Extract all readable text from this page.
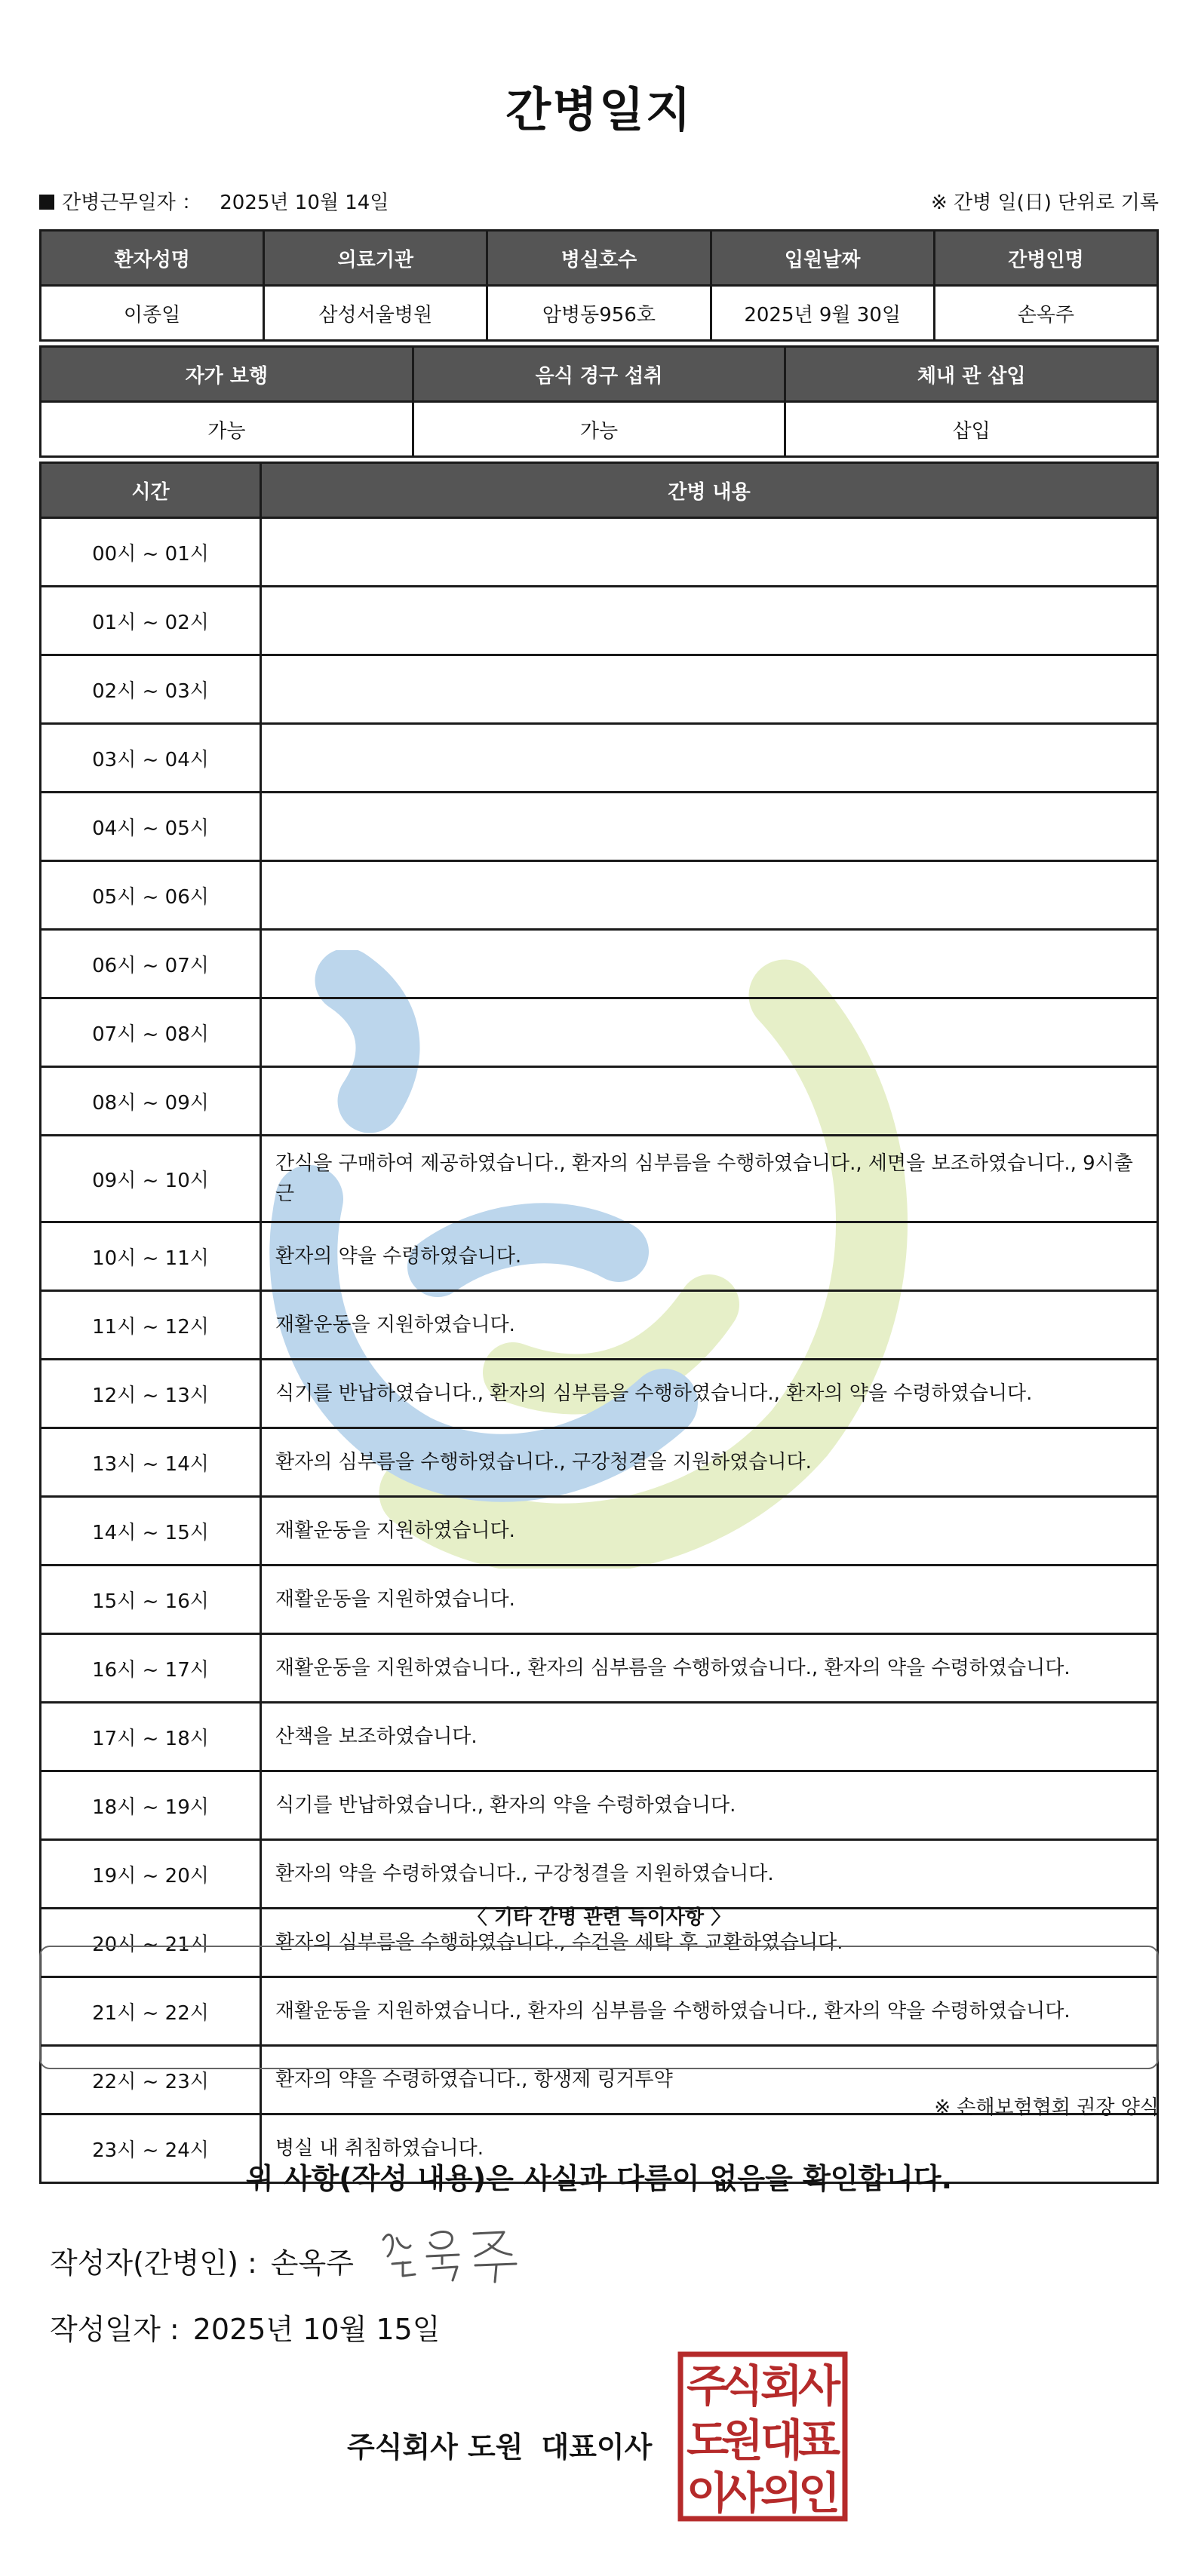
간병일지
간병근무일자 ： 2025년 10월 14일	※ 간병 일(日) 단위로 기록
환자성명	의료기관	병실호수	입원날짜	간병인명
이종일	삼성서울병원	암병동956호	2025년 9월 30일	손옥주
자가 보행	음식 경구 섭취	체내 관 삽입
가능	가능	삽입
시간	간병 내용
00시 ~ 01시	
01시 ~ 02시	
02시 ~ 03시	
03시 ~ 04시	
04시 ~ 05시	
05시 ~ 06시	
06시 ~ 07시	
07시 ~ 08시	
08시 ~ 09시	
09시 ~ 10시	간식을 구매하여 제공하였습니다., 환자의 심부름을 수행하였습니다., 세면을 보조하였습니다., 9시출근
10시 ~ 11시	환자의 약을 수령하였습니다.
11시 ~ 12시	재활운동을 지원하였습니다.
12시 ~ 13시	식기를 반납하였습니다., 환자의 심부름을 수행하였습니다., 환자의 약을 수령하였습니다.
13시 ~ 14시	환자의 심부름을 수행하였습니다., 구강청결을 지원하였습니다.
14시 ~ 15시	재활운동을 지원하였습니다.
15시 ~ 16시	재활운동을 지원하였습니다.
16시 ~ 17시	재활운동을 지원하였습니다., 환자의 심부름을 수행하였습니다., 환자의 약을 수령하였습니다.
17시 ~ 18시	산책을 보조하였습니다.
18시 ~ 19시	식기를 반납하였습니다., 환자의 약을 수령하였습니다.
19시 ~ 20시	환자의 약을 수령하였습니다., 구강청결을 지원하였습니다.
20시 ~ 21시	환자의 심부름을 수행하였습니다., 수건을 세탁 후 교환하였습니다.
21시 ~ 22시	재활운동을 지원하였습니다., 환자의 심부름을 수행하였습니다., 환자의 약을 수령하였습니다.
22시 ~ 23시	환자의 약을 수령하였습니다., 항생제 링거투약
23시 ~ 24시	병실 내 취침하였습니다.
〈 기타 간병 관련 특이사항 〉
※ 손해보험협회 권장 양식
위 사항(작성 내용)은 사실과 다름이 없음을 확인합니다.
작성자(간병인) : 손옥주
작성일자 : 2025년 10월 15일
주식회사 도원 대표이사
주
식
회
사
도
원
대
표
이
사
의
인
